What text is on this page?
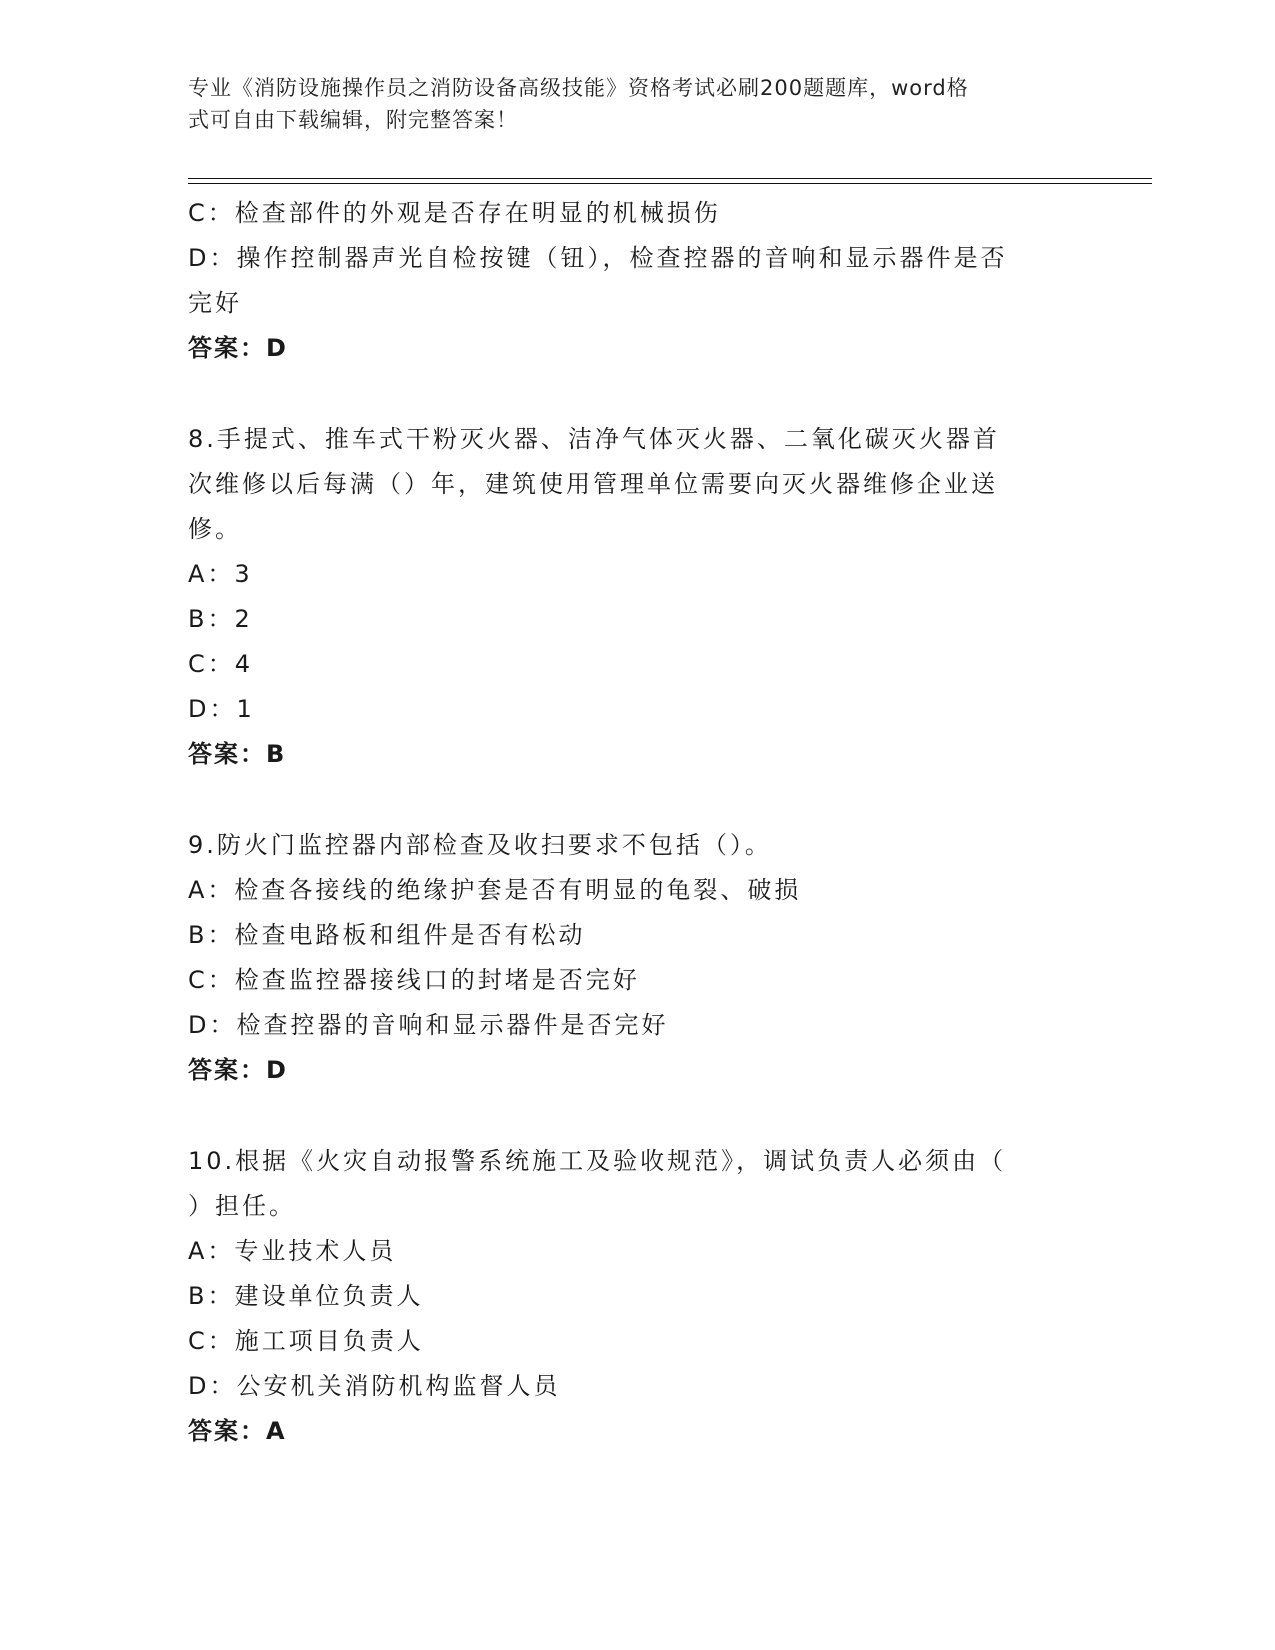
专业《消防设施操作员之消防设备高级技能》资格考试必刷200题题库，word格
式可自由下载编辑，附完整答案！
C：检查部件的外观是否存在明显的机械损伤
D：操作控制器声光自检按键（钮），检查控器的音响和显示器件是否
完好
答案：D
8.手提式、推车式干粉灭火器、洁净气体灭火器、二氧化碳灭火器首
次维修以后每满（）年，建筑使用管理单位需要向灭火器维修企业送
修。
A：3
B：2
C：4
D：1
答案：B
9.防火门监控器内部检查及收扫要求不包括（）。
A：检查各接线的绝缘护套是否有明显的龟裂、破损
B：检查电路板和组件是否有松动
C：检查监控器接线口的封堵是否完好
D：检查控器的音响和显示器件是否完好
答案：D
10.根据《火灾自动报警系统施工及验收规范》，调试负责人必须由（
）担任。
A：专业技术人员
B：建设单位负责人
C：施工项目负责人
D：公安机关消防机构监督人员
答案：A
